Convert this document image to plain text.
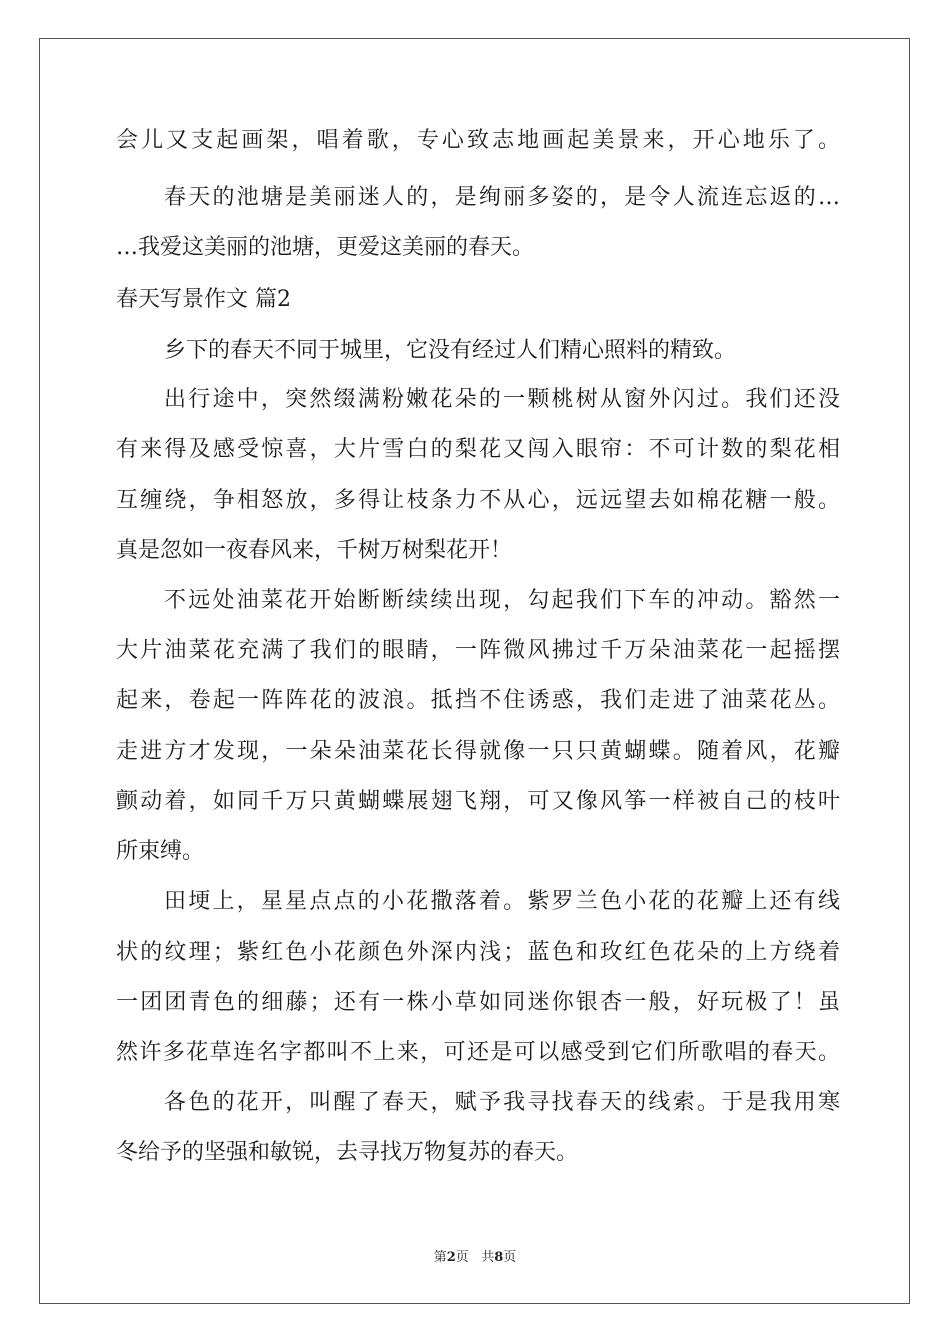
会儿又支起画架，唱着歌，专心致志地画起美景来，开心地乐了。
春天的池塘是美丽迷人的，是绚丽多姿的，是令人流连忘返的…
…我爱这美丽的池塘，更爱这美丽的春天。
春天写景作文 篇2
乡下的春天不同于城里，它没有经过人们精心照料的精致。
出行途中，突然缀满粉嫩花朵的一颗桃树从窗外闪过。我们还没
有来得及感受惊喜，大片雪白的梨花又闯入眼帘：不可计数的梨花相
互缠绕，争相怒放，多得让枝条力不从心，远远望去如棉花糖一般。
真是忽如一夜春风来，千树万树梨花开！
不远处油菜花开始断断续续出现，勾起我们下车的冲动。豁然一
大片油菜花充满了我们的眼睛，一阵微风拂过千万朵油菜花一起摇摆
起来，卷起一阵阵花的波浪。抵挡不住诱惑，我们走进了油菜花丛。
走进方才发现，一朵朵油菜花长得就像一只只黄蝴蝶。随着风，花瓣
颤动着，如同千万只黄蝴蝶展翅飞翔，可又像风筝一样被自己的枝叶
所束缚。
田埂上，星星点点的小花撒落着。紫罗兰色小花的花瓣上还有线
状的纹理；紫红色小花颜色外深内浅；蓝色和玫红色花朵的上方绕着
一团团青色的细藤；还有一株小草如同迷你银杏一般，好玩极了！虽
然许多花草连名字都叫不上来，可还是可以感受到它们所歌唱的春天。
各色的花开，叫醒了春天，赋予我寻找春天的线索。于是我用寒
冬给予的坚强和敏锐，去寻找万物复苏的春天。
第2页 共8页
